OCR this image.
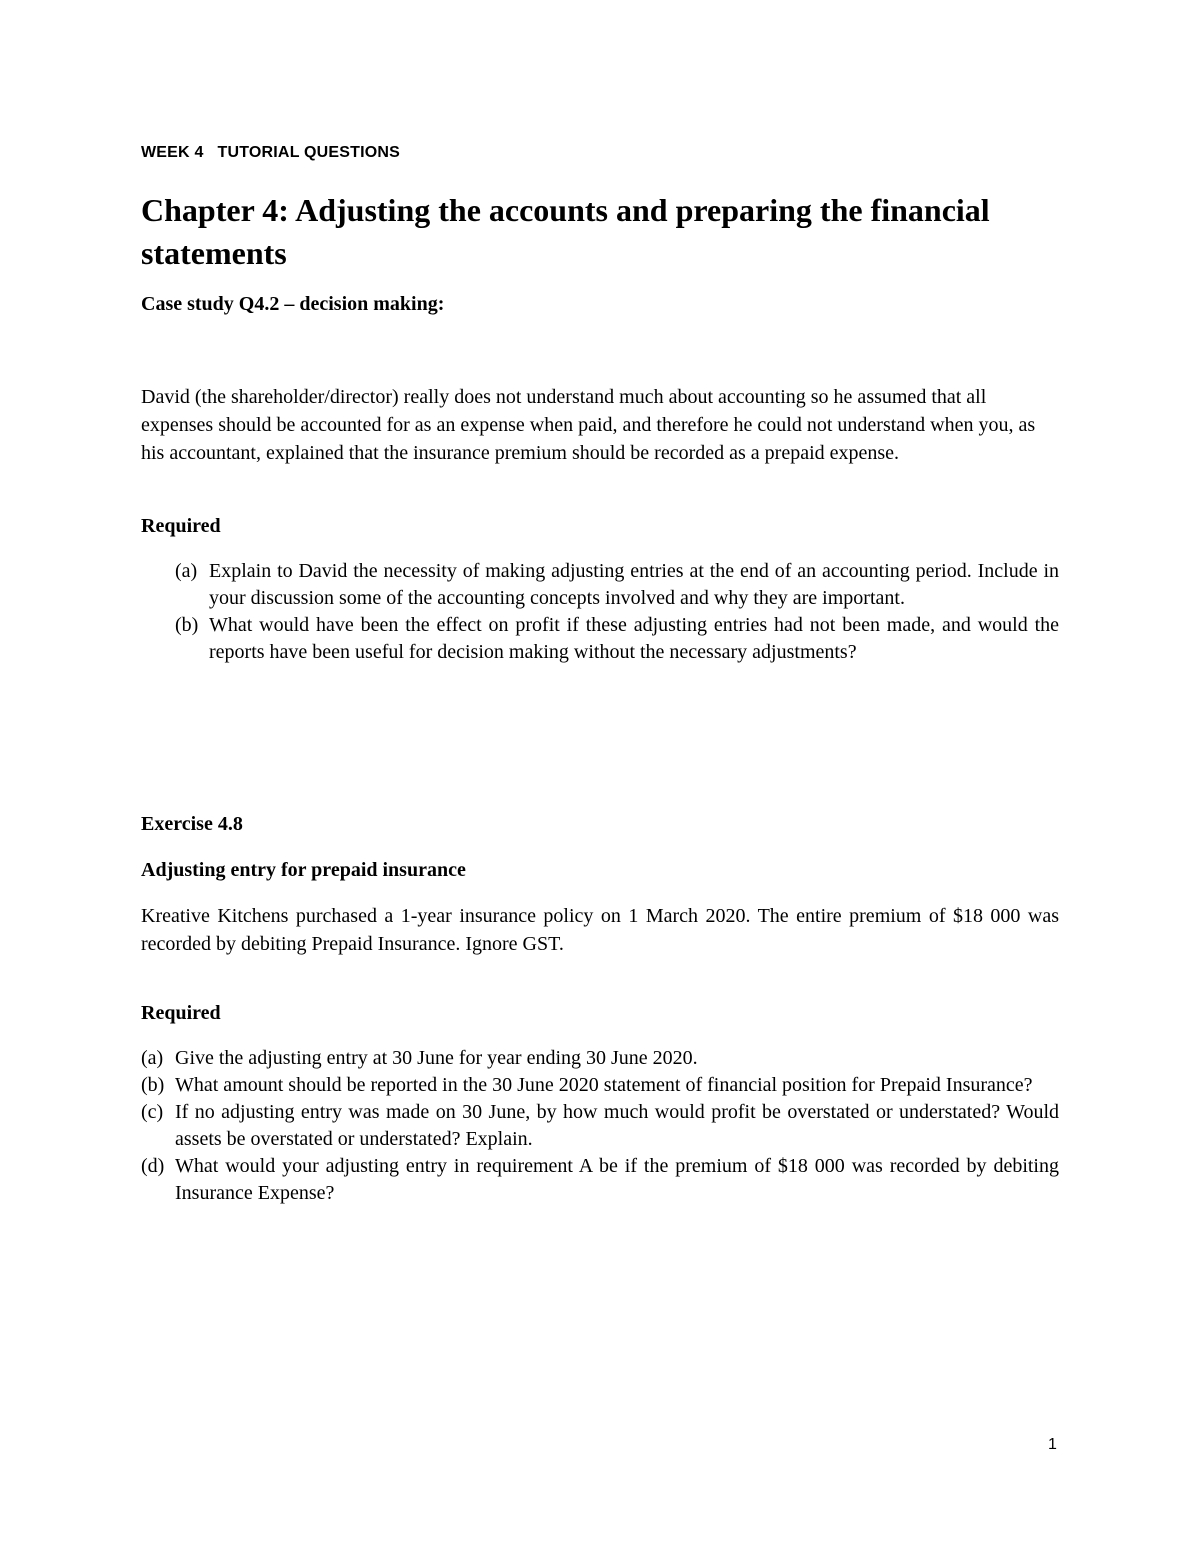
WEEK 4   TUTORIAL QUESTIONS
Chapter 4: Adjusting the accounts and preparing the financial statements
Case study Q4.2 – decision making:
David (the shareholder/director) really does not understand much about accounting so he assumed that all expenses should be accounted for as an expense when paid, and therefore he could not understand when you, as his accountant, explained that the insurance premium should be recorded as a prepaid expense.
Required
(a) Explain to David the necessity of making adjusting entries at the end of an accounting period. Include in your discussion some of the accounting concepts involved and why they are important.
(b) What would have been the effect on profit if these adjusting entries had not been made, and would the reports have been useful for decision making without the necessary adjustments?
Exercise 4.8
Adjusting entry for prepaid insurance
Kreative Kitchens purchased a 1-year insurance policy on 1 March 2020. The entire premium of $18 000 was recorded by debiting Prepaid Insurance. Ignore GST.
Required
(a) Give the adjusting entry at 30 June for year ending 30 June 2020.
(b) What amount should be reported in the 30 June 2020 statement of financial position for Prepaid Insurance?
(c) If no adjusting entry was made on 30 June, by how much would profit be overstated or understated? Would assets be overstated or understated? Explain.
(d) What would your adjusting entry in requirement A be if the premium of $18 000 was recorded by debiting Insurance Expense?
1
